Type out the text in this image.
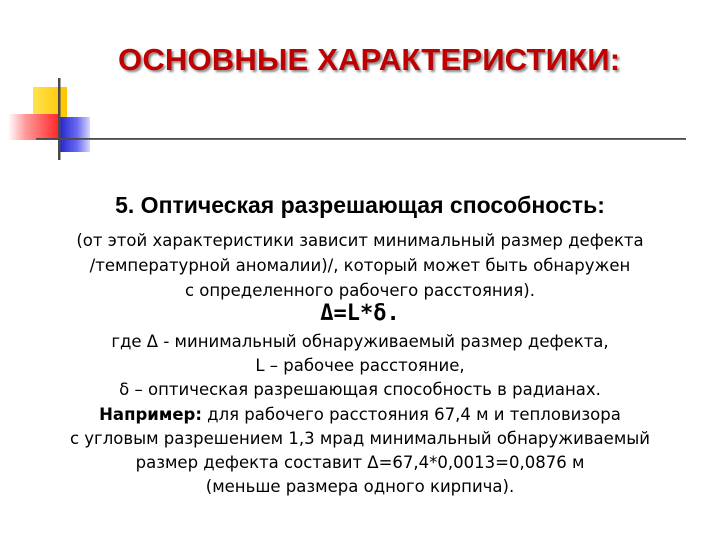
ОСНОВНЫЕ ХАРАКТЕРИСТИКИ:
5. Оптическая разрешающая способность:
(от этой характеристики зависит минимальный размер дефекта
/температурной аномалии)/, который может быть обнаружен
с определенного рабочего расстояния).
Δ=L*δ.
где Δ - минимальный обнаруживаемый размер дефекта,
L – рабочее расстояние,
δ – оптическая разрешающая способность в радианах.
Например: для рабочего расстояния 67,4 м и тепловизора
с угловым разрешением 1,3 мрад минимальный обнаруживаемый
размер дефекта составит Δ=67,4*0,0013=0,0876 м
(меньше размера одного кирпича).
